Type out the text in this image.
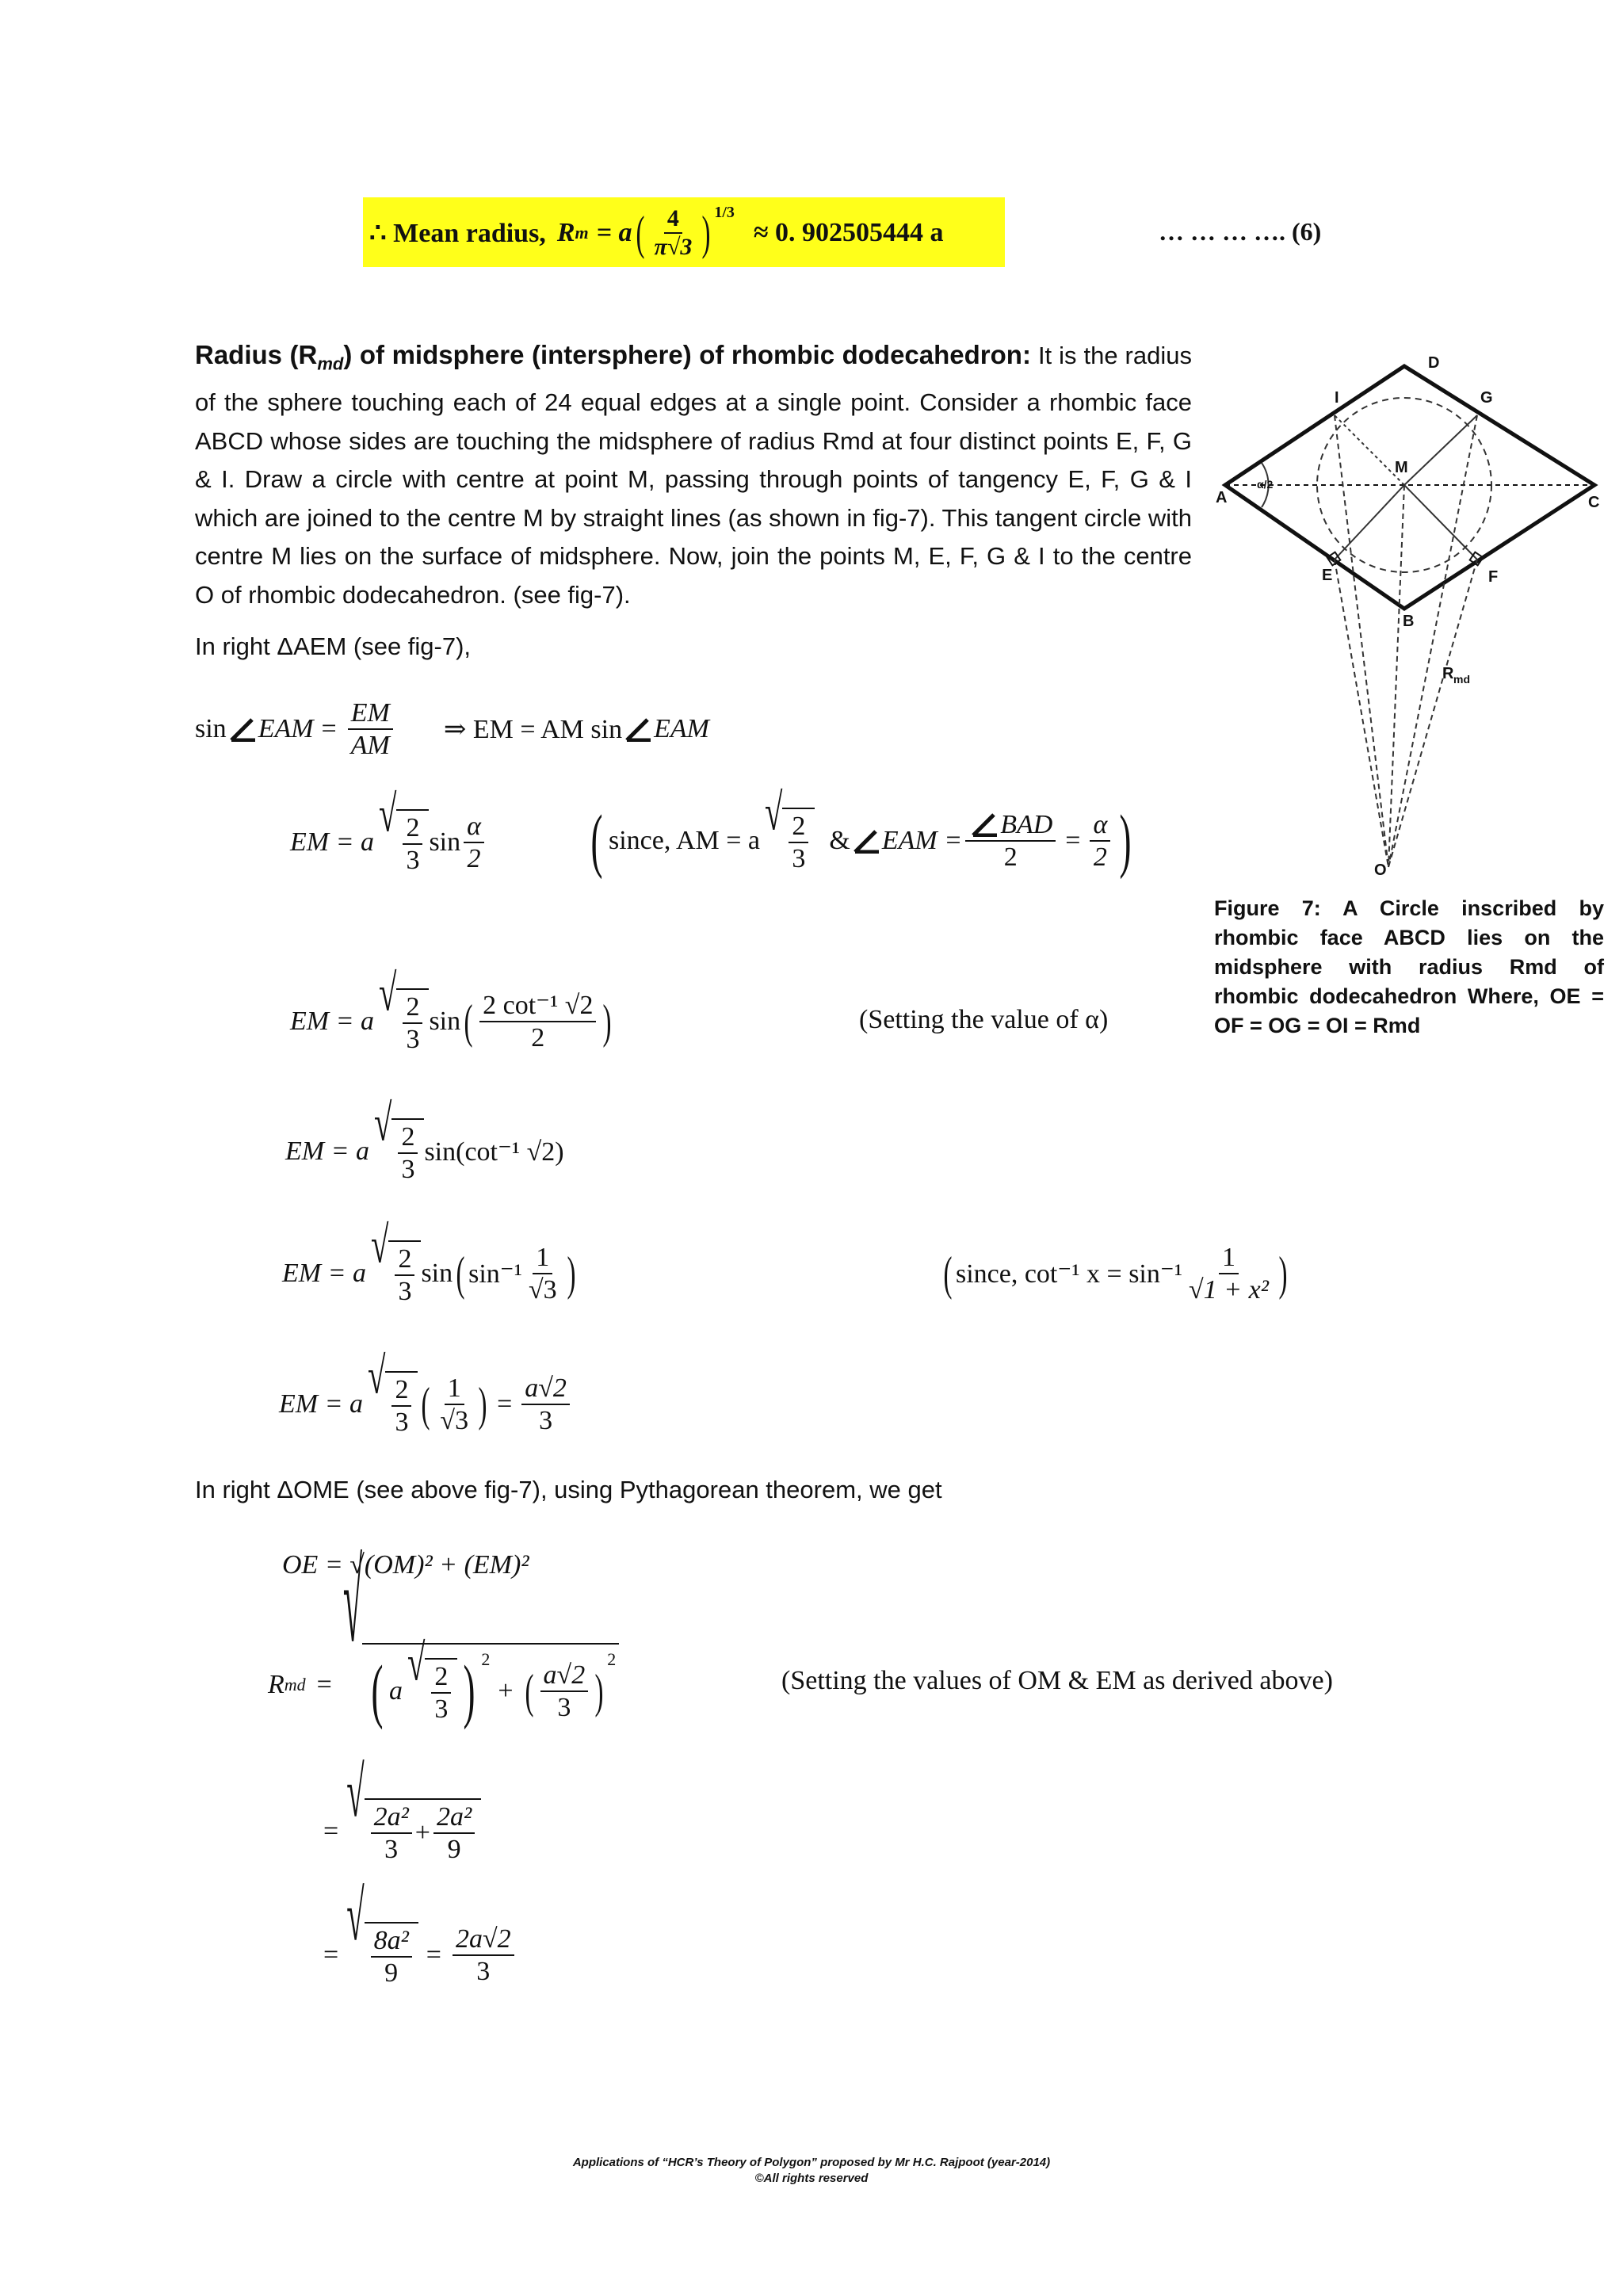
∴ Mean radius, R m = a ( $\frac{4}{\pi√3} )^{1/3}$
≈ 0. 902505444 a	… … … …. (6)
Radius $(R_{md})$ of midsphere (intersphere) of rhombic dodecahedron: It is the radius of the sphere touching each of 24 equal edges at a single point. Consider a rhombic face ABCD whose sides are touching the midsphere of radius Rmd at four distinct points E, F, G & I. Draw a circle with centre at point M, passing through points of tangency E, F, G & I which are joined to the centre M by straight lines (as shown in fig-7). This tangent circle with centre M lies on the surface of midsphere. Now, join the points M, E, F, G & I to the centre O of rhombic dodecahedron. (see fig-7).
In right ΔAEM (see fig-7),
sin EAM = $\frac{EM}{AM}$ ⇒ EM = AM sin EAM
EM = a √ $\frac{2}{3}$ $\sin \frac{\alpha}{2}$ ( since, AM = a √ $\frac{2}{3}$ & EAM = $\frac{\text{BAD}}{2} = \frac{\alpha}{2}$ )
EM = a √ $\frac{2}{3}$ sin ( $\frac{\text{2 cot⁻¹ √2}}{2}$ )	(Setting the value of α)
EM = a √ $\frac{2}{3} \sin(\cot^{-1}$ √2)
EM = a √ $\frac{2}{3}$ sin ( $\sin^{-1} \frac{1}{√3}$ )	( since, cot⁻¹ $x = \sin^{-1} \frac{1}{\text{√1 + x²}}$ )
EM = a √ $\frac{2}{3}$ ( $\frac{1}{√3}$ ) = $\frac{a√2}{3}$
In right ΔOME (see above fig-7), using Pythagorean theorem, we get
OE = √(OM)² + (EM)²
R md =
√
( a √ $\frac{2}{3}$ ) $^2$
+ ( $\frac{a√2}{3}$ )
$^2$
(Setting the values of OM & EM as derived above)
= √
$\frac{\text{2a²}}{3} + \frac{\text{2a²}}{9}$
= √
$\frac{\text{8a²}}{9} = \frac{2a√2}{3}$
A
B
C
D
E	F
G
I
M
O
R md
α/2
Figure 7: A Circle inscribed by rhombic face ABCD lies on the midsphere with radius Rmd of rhombic dodecahedron Where, OE = OF = OG = OI = Rmd
Applications of “HCR’s Theory of Polygon” proposed by Mr H.C. Rajpoot (year-2014)
©All rights reserved
